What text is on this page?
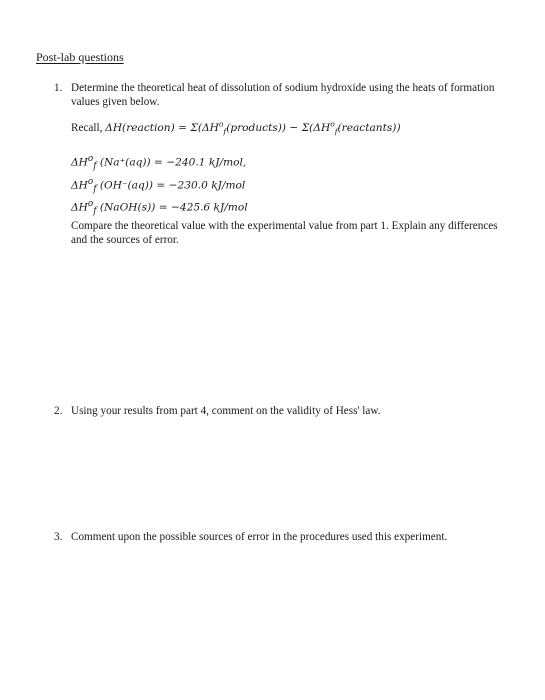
Post-lab questions
1. Determine the theoretical heat of dissolution of sodium hydroxide using the heats of formation values given below.
Recall, ΔH(reaction) = $\Sigma(\Delta H^o_f(products))$ − $\Sigma(\Delta H^o_f(reactants))$
$\Delta H^o_f$ (Na⁺(aq)) = −240.1 kJ/mol,
$\Delta H^o_f$ (OH⁻(aq)) = −230.0 kJ/mol
$\Delta H^o_f$ (NaOH(s)) = −425.6 kJ/mol
Compare the theoretical value with the experimental value from part 1. Explain any differences and the sources of error.
2. Using your results from part 4, comment on the validity of Hess' law.
3. Comment upon the possible sources of error in the procedures used this experiment.
